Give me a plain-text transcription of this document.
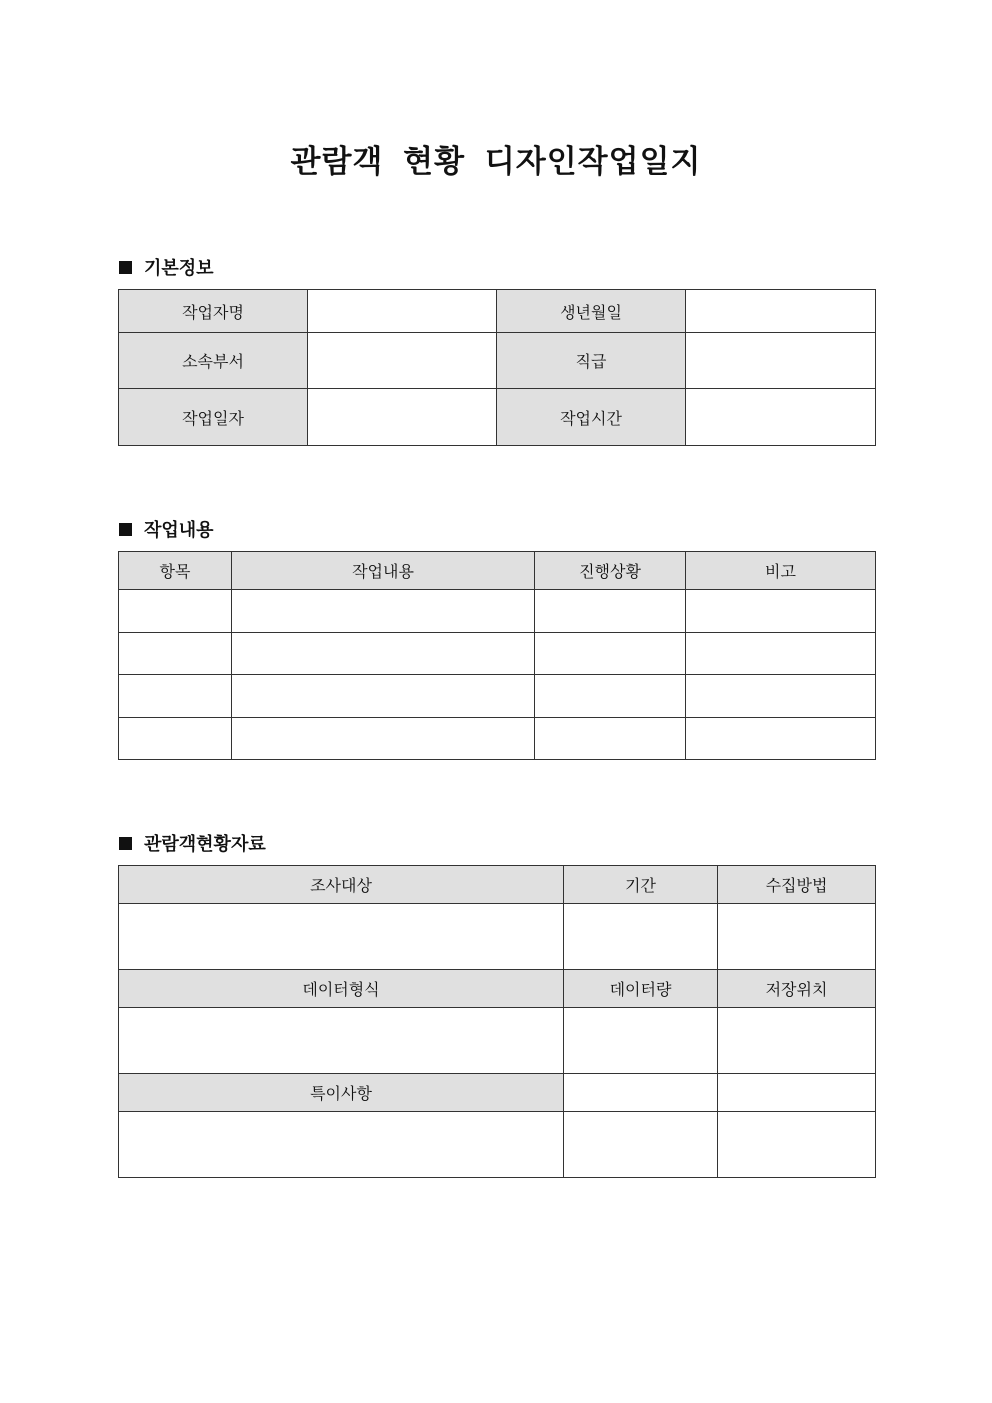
관람객 현황 디자인작업일지
기본정보
작업자명		생년월일	
소속부서		직급	
작업일자		작업시간	
작업내용
항목	작업내용	진행상황	비고

관람객현황자료
조사대상	기간	수집방법

데이터형식	데이터량	저장위치

특이사항		
